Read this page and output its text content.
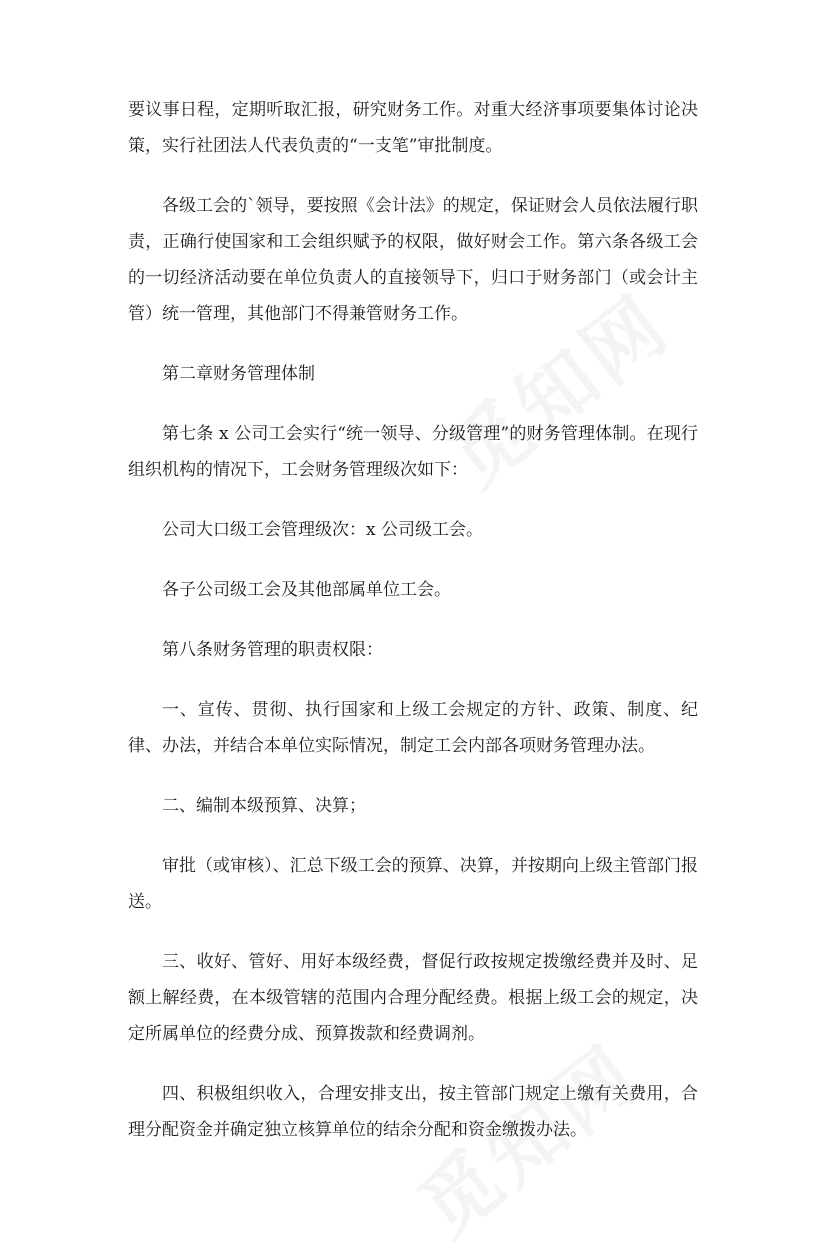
要议事日程，定期听取汇报，研究财务工作。对重大经济事项要集体讨论决策，实行社团法人代表负责的“一支笔”审批制度。

各级工会的`领导，要按照《会计法》的规定，保证财会人员依法履行职责，正确行使国家和工会组织赋予的权限，做好财会工作。第六条各级工会的一切经济活动要在单位负责人的直接领导下，归口于财务部门（或会计主管）统一管理，其他部门不得兼管财务工作。

第二章财务管理体制

第七条 x 公司工会实行“统一领导、分级管理”的财务管理体制。在现行组织机构的情况下，工会财务管理级次如下：

公司大口级工会管理级次：x 公司级工会。

各子公司级工会及其他部属单位工会。

第八条财务管理的职责权限：

一、宣传、贯彻、执行国家和上级工会规定的方针、政策、制度、纪律、办法，并结合本单位实际情况，制定工会内部各项财务管理办法。

二、编制本级预算、决算；

审批（或审核）、汇总下级工会的预算、决算，并按期向上级主管部门报送。

三、收好、管好、用好本级经费，督促行政按规定拨缴经费并及时、足额上解经费，在本级管辖的范围内合理分配经费。根据上级工会的规定，决定所属单位的经费分成、预算拨款和经费调剂。

四、积极组织收入，合理安排支出，按主管部门规定上缴有关费用，合理分配资金并确定独立核算单位的结余分配和资金缴拨办法。
